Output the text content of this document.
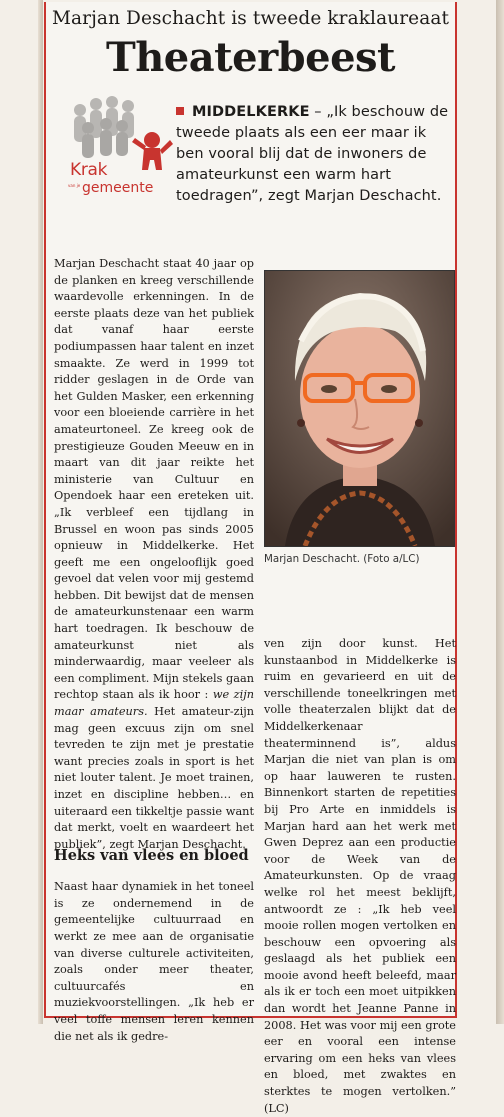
Marjan Deschacht is tweede kraklaureaat
Theaterbeest
Krak
van je gemeente
MIDDELKERKE – „Ik beschouw de tweede plaats als een eer maar ik ben vooral blij dat de inwoners de amateurkunst een warm hart toedragen”, zegt Marjan Deschacht.

Marjan Deschacht staat 40 jaar op de planken en kreeg verschillende waardevolle erkenningen. In de eerste plaats deze van het publiek dat vanaf haar eerste podiumpassen haar talent en inzet smaakte. Ze werd in 1999 tot ridder geslagen in de Orde van het Gulden Masker, een erkenning voor een bloeiende carrière in het amateurtoneel. Ze kreeg ook de prestigieuze Gouden Meeuw en in maart van dit jaar reikte het ministerie van Cultuur en Opendoek haar een ereteken uit. „Ik verbleef een tijdlang in Brussel en woon pas sinds 2005 opnieuw in Middelkerke. Het geeft me een ongelooflijk goed gevoel dat velen voor mij gestemd hebben. Dit bewijst dat de mensen de amateurkunstenaar een warm hart toedragen. Ik beschouw de amateurkunst niet als minderwaardig, maar veeleer als een compliment. Mijn stekels gaan rechtop staan als ik hoor : we zijn maar amateurs. Het amateur-zijn mag geen excuus zijn om snel tevreden te zijn met je prestatie want precies zoals in sport is het niet louter talent. Je moet trainen, inzet en discipline hebben… en uiteraard een tikkeltje passie want dat merkt, voelt en waardeert het publiek”, zegt Marjan Deschacht.

Heks van vlees en bloed

Naast haar dynamiek in het toneel is ze ondernemend in de gemeentelijke cultuurraad en werkt ze mee aan de organisatie van diverse culturele activiteiten, zoals onder meer theater, cultuurcafés en muziekvoorstellingen. „Ik heb er veel toffe mensen leren kennen die net als ik gedre-

Marjan Deschacht. (Foto a/LC)

ven zijn door kunst. Het kunstaanbod in Middelkerke is ruim en gevarieerd en uit de verschillende toneelkringen met volle theaterzalen blijkt dat de Middelkerkenaar theaterminnend is”, aldus Marjan die niet van plan is om op haar lauweren te rusten. Binnenkort starten de repetities bij Pro Arte en inmiddels is Marjan hard aan het werk met Gwen Deprez aan een productie voor de Week van de Amateurkunsten. Op de vraag welke rol het meest beklijft, antwoordt ze : „Ik heb veel mooie rollen mogen vertolken en beschouw een opvoering als geslaagd als het publiek een mooie avond heeft beleefd, maar als ik er toch een moet uitpikken dan wordt het Jeanne Panne in 2008. Het was voor mij een grote eer en vooral een intense ervaring om een heks van vlees en bloed, met zwaktes en sterktes te mogen vertolken.” (LC)
